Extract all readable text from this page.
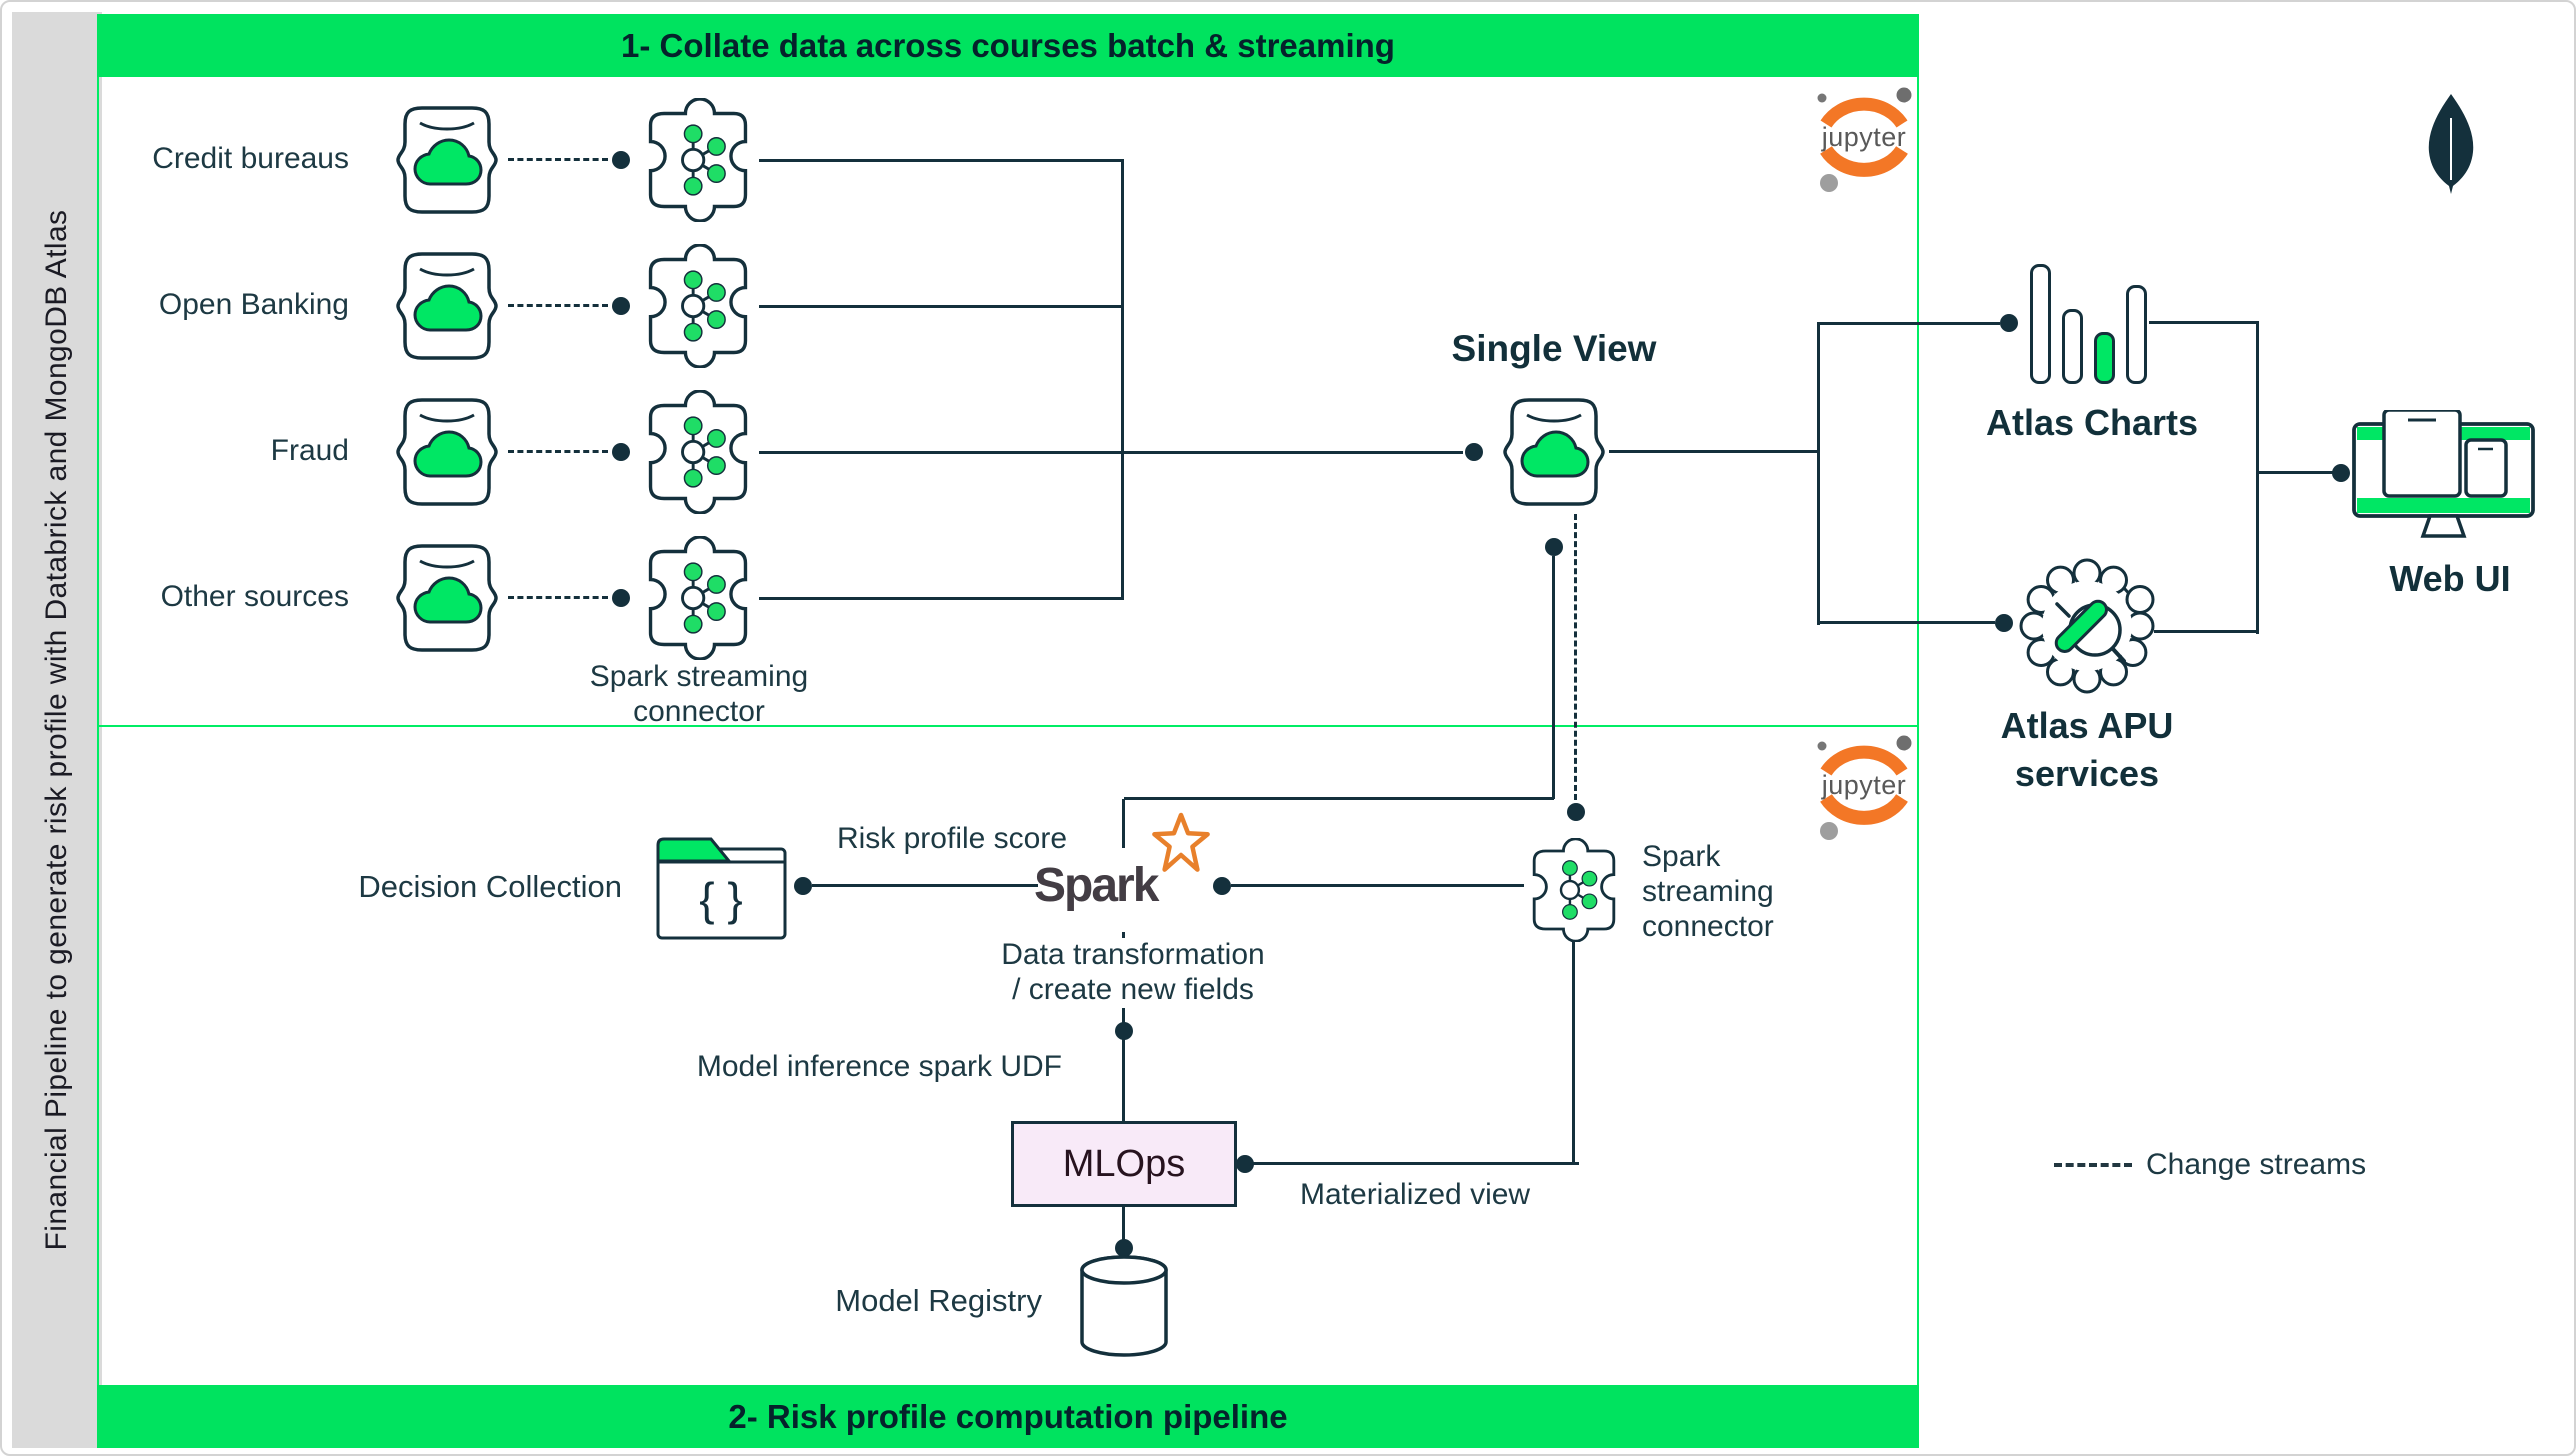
Financial Pipeline to generate risk profile with Databrick and MongoDB Atlas
1- Collate data across courses batch & streaming
2- Risk profile computation pipeline
Credit bureaus
Open Banking
Fraud
Other sources
Spark streaming connector
Single View
jupyter
jupyter
Risk profile score
Decision Collection	Spark
Spark streaming connector
Materialized view
Data transformation
/ create new fields
Model inference spark UDF
MLOps
Model Registry
Atlas Charts
Atlas APU
services
Web UI
Change streams
